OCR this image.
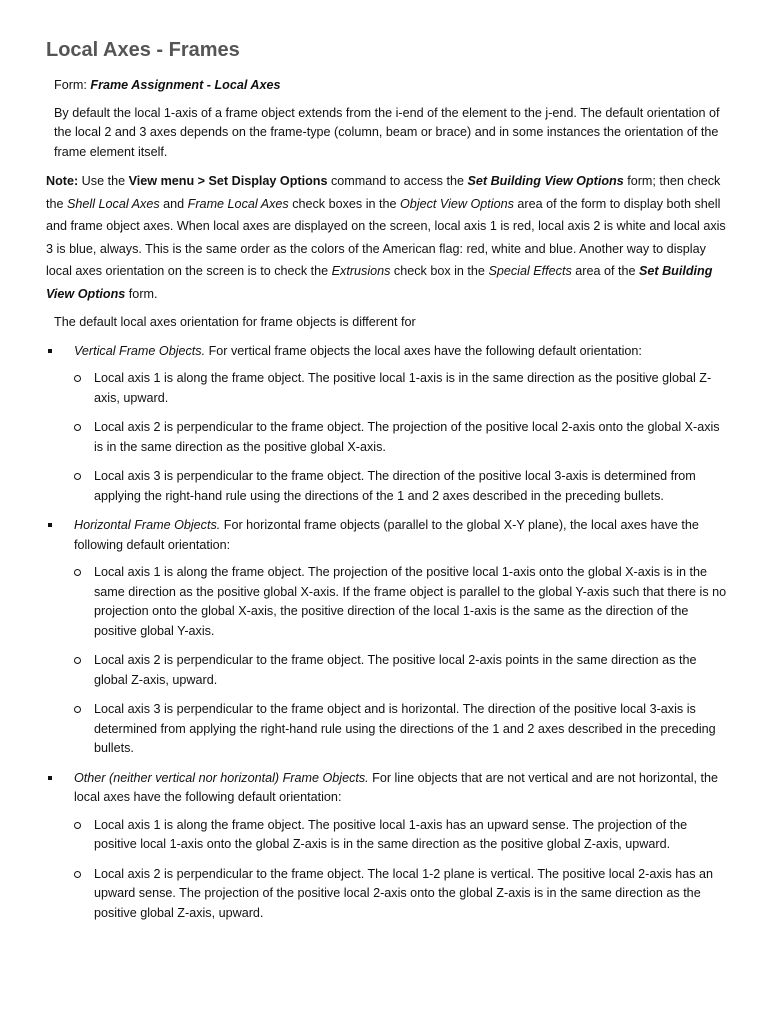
Local Axes - Frames

Form: Frame Assignment - Local Axes

By default the local 1-axis of a frame object extends from the i-end of the element to the j-end. The default orientation of the local 2 and 3 axes depends on the frame-type (column, beam or brace) and in some instances the orientation of the frame element itself.

Note: Use the View menu > Set Display Options command to access the Set Building View Options form; then check the Shell Local Axes and Frame Local Axes check boxes in the Object View Options area of the form to display both shell and frame object axes. When local axes are displayed on the screen, local axis 1 is red, local axis 2 is white and local axis 3 is blue, always. This is the same order as the colors of the American flag: red, white and blue. Another way to display local axes orientation on the screen is to check the Extrusions check box in the Special Effects area of the Set Building View Options form.

The default local axes orientation for frame objects is different for

Vertical Frame Objects. For vertical frame objects the local axes have the following default orientation:
Local axis 1 is along the frame object. The positive local 1-axis is in the same direction as the positive global Z-axis, upward.
Local axis 2 is perpendicular to the frame object. The projection of the positive local 2-axis onto the global X-axis is in the same direction as the positive global X-axis.
Local axis 3 is perpendicular to the frame object. The direction of the positive local 3-axis is determined from applying the right-hand rule using the directions of the 1 and 2 axes described in the preceding bullets.
Horizontal Frame Objects. For horizontal frame objects (parallel to the global X-Y plane), the local axes have the following default orientation:
Local axis 1 is along the frame object. The projection of the positive local 1-axis onto the global X-axis is in the same direction as the positive global X-axis. If the frame object is parallel to the global Y-axis such that there is no projection onto the global X-axis, the positive direction of the local 1-axis is the same as the direction of the positive global Y-axis.
Local axis 2 is perpendicular to the frame object. The positive local 2-axis points in the same direction as the global Z-axis, upward.
Local axis 3 is perpendicular to the frame object and is horizontal. The direction of the positive local 3-axis is determined from applying the right-hand rule using the directions of the 1 and 2 axes described in the preceding bullets.
Other (neither vertical nor horizontal) Frame Objects. For line objects that are not vertical and are not horizontal, the local axes have the following default orientation:
Local axis 1 is along the frame object. The positive local 1-axis has an upward sense. The projection of the positive local 1-axis onto the global Z-axis is in the same direction as the positive global Z-axis, upward.
Local axis 2 is perpendicular to the frame object. The local 1-2 plane is vertical. The positive local 2-axis has an upward sense. The projection of the positive local 2-axis onto the global Z-axis is in the same direction as the positive global Z-axis, upward.
